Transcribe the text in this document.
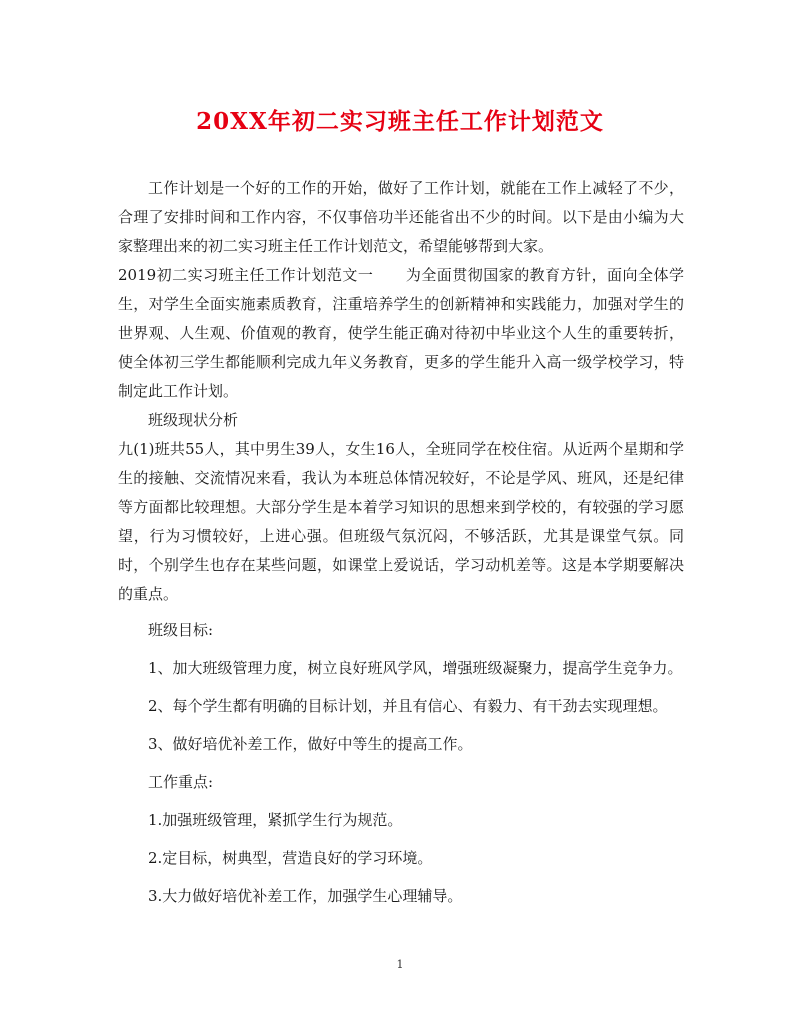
20XX年初二实习班主任工作计划范文

工作计划是一个好的工作的开始，做好了工作计划，就能在工作上减轻了不少，合理了安排时间和工作内容，不仅事倍功半还能省出不少的时间。以下是由小编为大家整理出来的初二实习班主任工作计划范文，希望能够帮到大家。

2019初二实习班主任工作计划范文一 为全面贯彻国家的教育方针，面向全体学生，对学生全面实施素质教育，注重培养学生的创新精神和实践能力，加强对学生的世界观、人生观、价值观的教育，使学生能正确对待初中毕业这个人生的重要转折，使全体初三学生都能顺利完成九年义务教育，更多的学生能升入高一级学校学习，特制定此工作计划。

班级现状分析

九(1)班共55人，其中男生39人，女生16人，全班同学在校住宿。从近两个星期和学生的接触、交流情况来看，我认为本班总体情况较好，不论是学风、班风，还是纪律等方面都比较理想。大部分学生是本着学习知识的思想来到学校的，有较强的学习愿望，行为习惯较好，上进心强。但班级气氛沉闷，不够活跃，尤其是课堂气氛。同时，个别学生也存在某些问题，如课堂上爱说话，学习动机差等。这是本学期要解决的重点。

班级目标:

1、加大班级管理力度，树立良好班风学风，增强班级凝聚力，提高学生竞争力。

2、每个学生都有明确的目标计划，并且有信心、有毅力、有干劲去实现理想。

3、做好培优补差工作，做好中等生的提高工作。

工作重点:

1.加强班级管理，紧抓学生行为规范。

2.定目标，树典型，营造良好的学习环境。

3.大力做好培优补差工作，加强学生心理辅导。

1
